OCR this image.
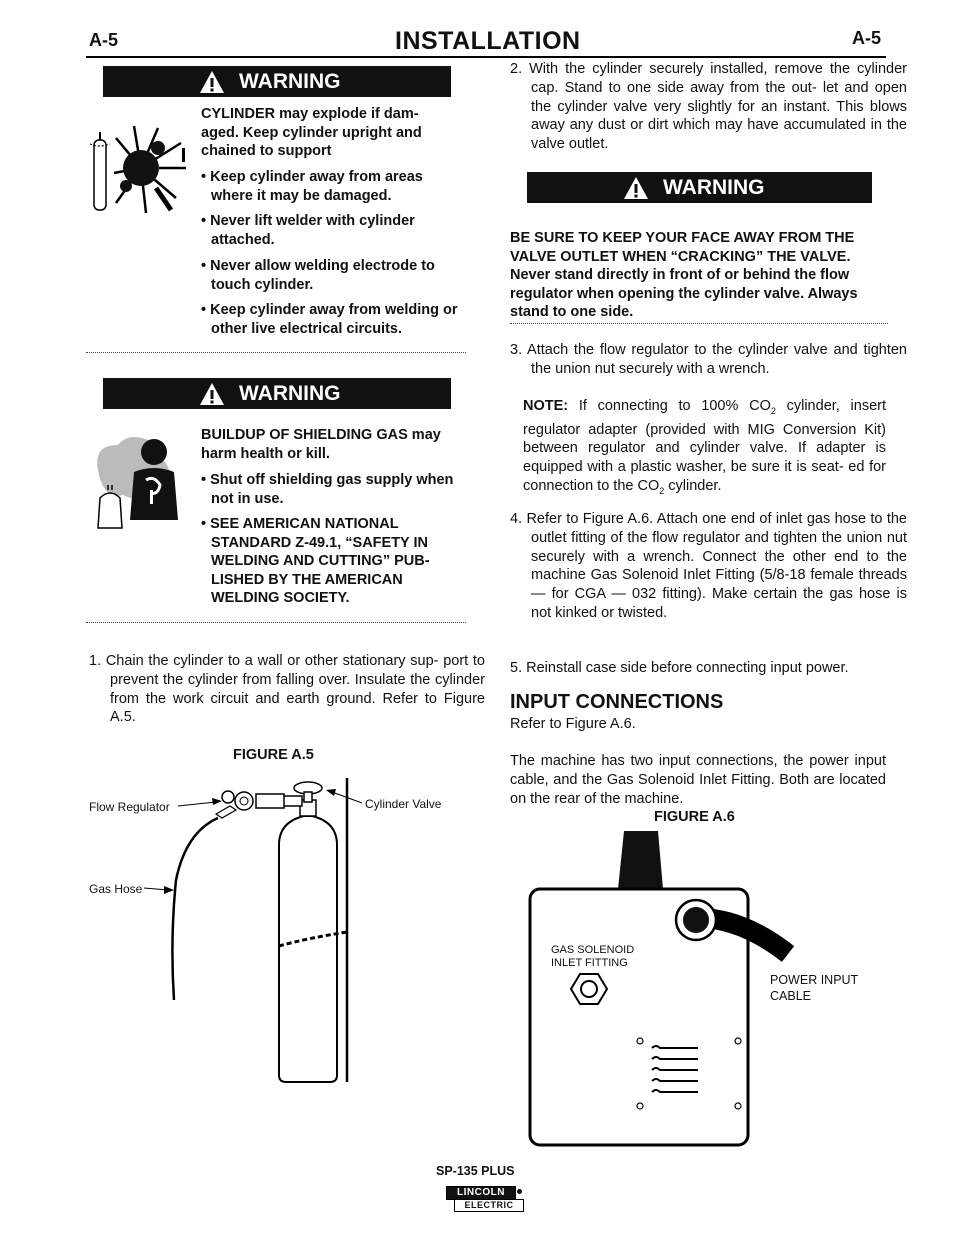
A-5	INSTALLATION	A-5
WARNING
CYLINDER may explode if dam- aged. Keep cylinder upright and chained to support
• Keep cylinder away from areas where it may be damaged.
• Never lift welder with cylinder attached.
• Never allow welding electrode to touch cylinder.
• Keep cylinder away from welding or other live electrical circuits.
WARNING
BUILDUP OF SHIELDING GAS may harm health or kill.
• Shut off shielding gas supply when not in use.
• SEE AMERICAN NATIONAL STANDARD Z-49.1, “SAFETY IN WELDING AND CUTTING” PUB- LISHED BY THE AMERICAN WELDING SOCIETY.
1. Chain the cylinder to a wall or other stationary sup- port to prevent the cylinder from falling over. Insulate the cylinder from the work circuit and earth ground. Refer to Figure A.5.
FIGURE A.5
Flow Regulator	Cylinder Valve
Gas Hose
2. With the cylinder securely installed, remove the cylinder cap. Stand to one side away from the out- let and open the cylinder valve very slightly for an instant. This blows away any dust or dirt which may have accumulated in the valve outlet.
WARNING
BE SURE TO KEEP YOUR FACE AWAY FROM THE VALVE OUTLET WHEN “CRACKING” THE VALVE. Never stand directly in front of or behind the flow regulator when opening the cylinder valve. Always stand to one side.
3. Attach the flow regulator to the cylinder valve and tighten the union nut securely with a wrench.
NOTE: If connecting to 100% $CO_2$ cylinder, insert regulator adapter (provided with MIG Conversion Kit) between regulator and cylinder valve. If adapter is equipped with a plastic washer, be sure it is seat- ed for connection to the $CO_2$ cylinder.
4. Refer to Figure A.6. Attach one end of inlet gas hose to the outlet fitting of the flow regulator and tighten the union nut securely with a wrench. Connect the other end to the machine Gas Solenoid Inlet Fitting (5/8-18 female threads — for CGA — 032 fitting). Make certain the gas hose is not kinked or twisted.
5. Reinstall case side before connecting input power.
INPUT CONNECTIONS
Refer to Figure A.6.
The machine has two input connections, the power input cable, and the Gas Solenoid Inlet Fitting. Both are located on the rear of the machine.
FIGURE A.6
GAS SOLENOID
INLET FITTING
POWER INPUT
CABLE
SP-135 PLUS
LINCOLN
ELECTRIC
